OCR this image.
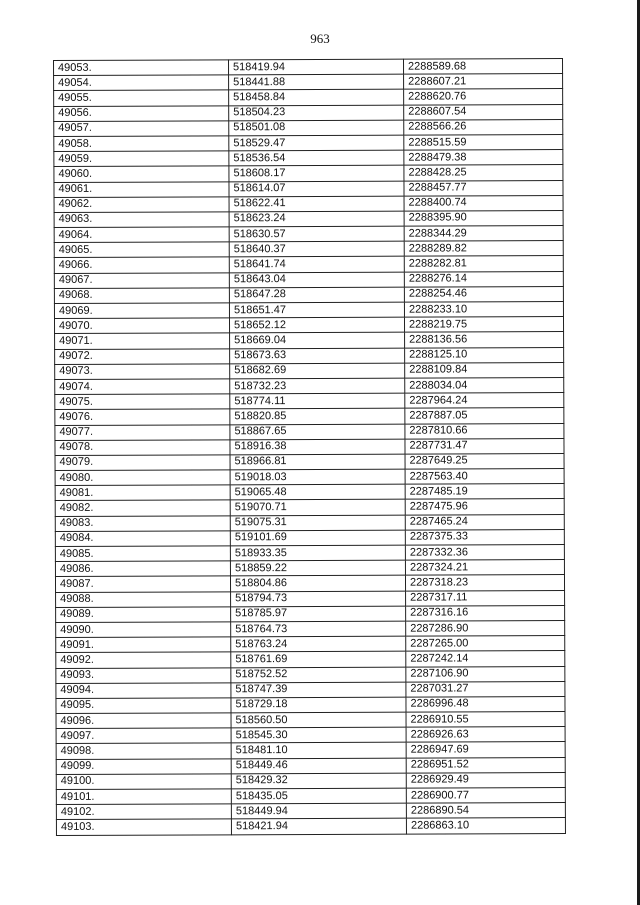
963
49053.	518419.94	2288589.68
49054.	518441.88	2288607.21
49055.	518458.84	2288620.76
49056.	518504.23	2288607.54
49057.	518501.08	2288566.26
49058.	518529.47	2288515.59
49059.	518536.54	2288479.38
49060.	518608.17	2288428.25
49061.	518614.07	2288457.77
49062.	518622.41	2288400.74
49063.	518623.24	2288395.90
49064.	518630.57	2288344.29
49065.	518640.37	2288289.82
49066.	518641.74	2288282.81
49067.	518643.04	2288276.14
49068.	518647.28	2288254.46
49069.	518651.47	2288233.10
49070.	518652.12	2288219.75
49071.	518669.04	2288136.56
49072.	518673.63	2288125.10
49073.	518682.69	2288109.84
49074.	518732.23	2288034.04
49075.	518774.11	2287964.24
49076.	518820.85	2287887.05
49077.	518867.65	2287810.66
49078.	518916.38	2287731.47
49079.	518966.81	2287649.25
49080.	519018.03	2287563.40
49081.	519065.48	2287485.19
49082.	519070.71	2287475.96
49083.	519075.31	2287465.24
49084.	519101.69	2287375.33
49085.	518933.35	2287332.36
49086.	518859.22	2287324.21
49087.	518804.86	2287318.23
49088.	518794.73	2287317.11
49089.	518785.97	2287316.16
49090.	518764.73	2287286.90
49091.	518763.24	2287265.00
49092.	518761.69	2287242.14
49093.	518752.52	2287106.90
49094.	518747.39	2287031.27
49095.	518729.18	2286996.48
49096.	518560.50	2286910.55
49097.	518545.30	2286926.63
49098.	518481.10	2286947.69
49099.	518449.46	2286951.52
49100.	518429.32	2286929.49
49101.	518435.05	2286900.77
49102.	518449.94	2286890.54
49103.	518421.94	2286863.10
